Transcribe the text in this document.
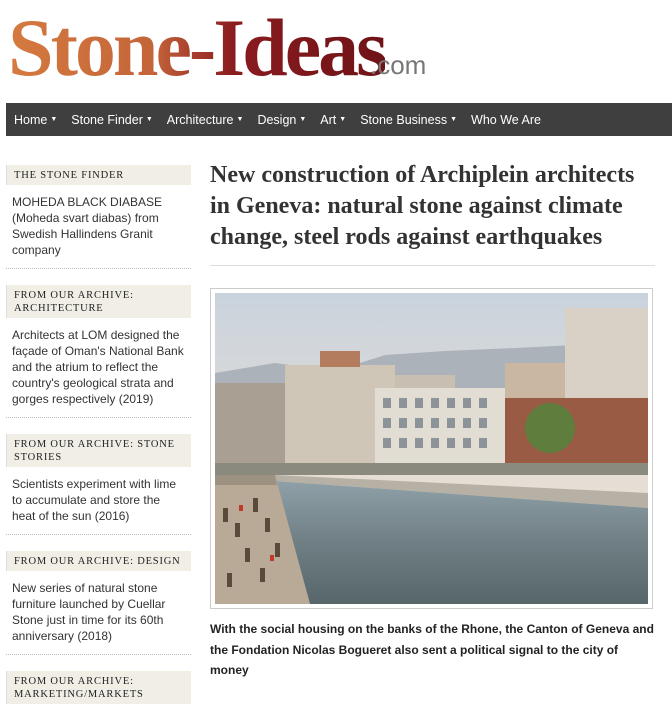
Stone-Ideas
.com
Home ▼ Stone Finder ▼ Architecture ▼ Design ▼ Art ▼ Stone Business ▼ Who We Are
THE STONE FINDER
MOHEDA BLACK DIABASE (Moheda svart diabas) from Swedish Hallindens Granit company
FROM OUR ARCHIVE: ARCHITECTURE
Architects at LOM designed the façade of Oman's National Bank and the atrium to reflect the country's geological strata and gorges respectively (2019)
FROM OUR ARCHIVE: STONE STORIES
Scientists experiment with lime to accumulate and store the heat of the sun (2016)
FROM OUR ARCHIVE: DESIGN
New series of natural stone furniture launched by Cuellar Stone just in time for its 60th anniversary (2018)
FROM OUR ARCHIVE: MARKETING/MARKETS
New construction of Archiplein architects in Geneva: natural stone against climate change, steel rods against earthquakes
With the social housing on the banks of the Rhone, the Canton of Geneva and the Fondation Nicolas Bogueret also sent a political signal to the city of money
